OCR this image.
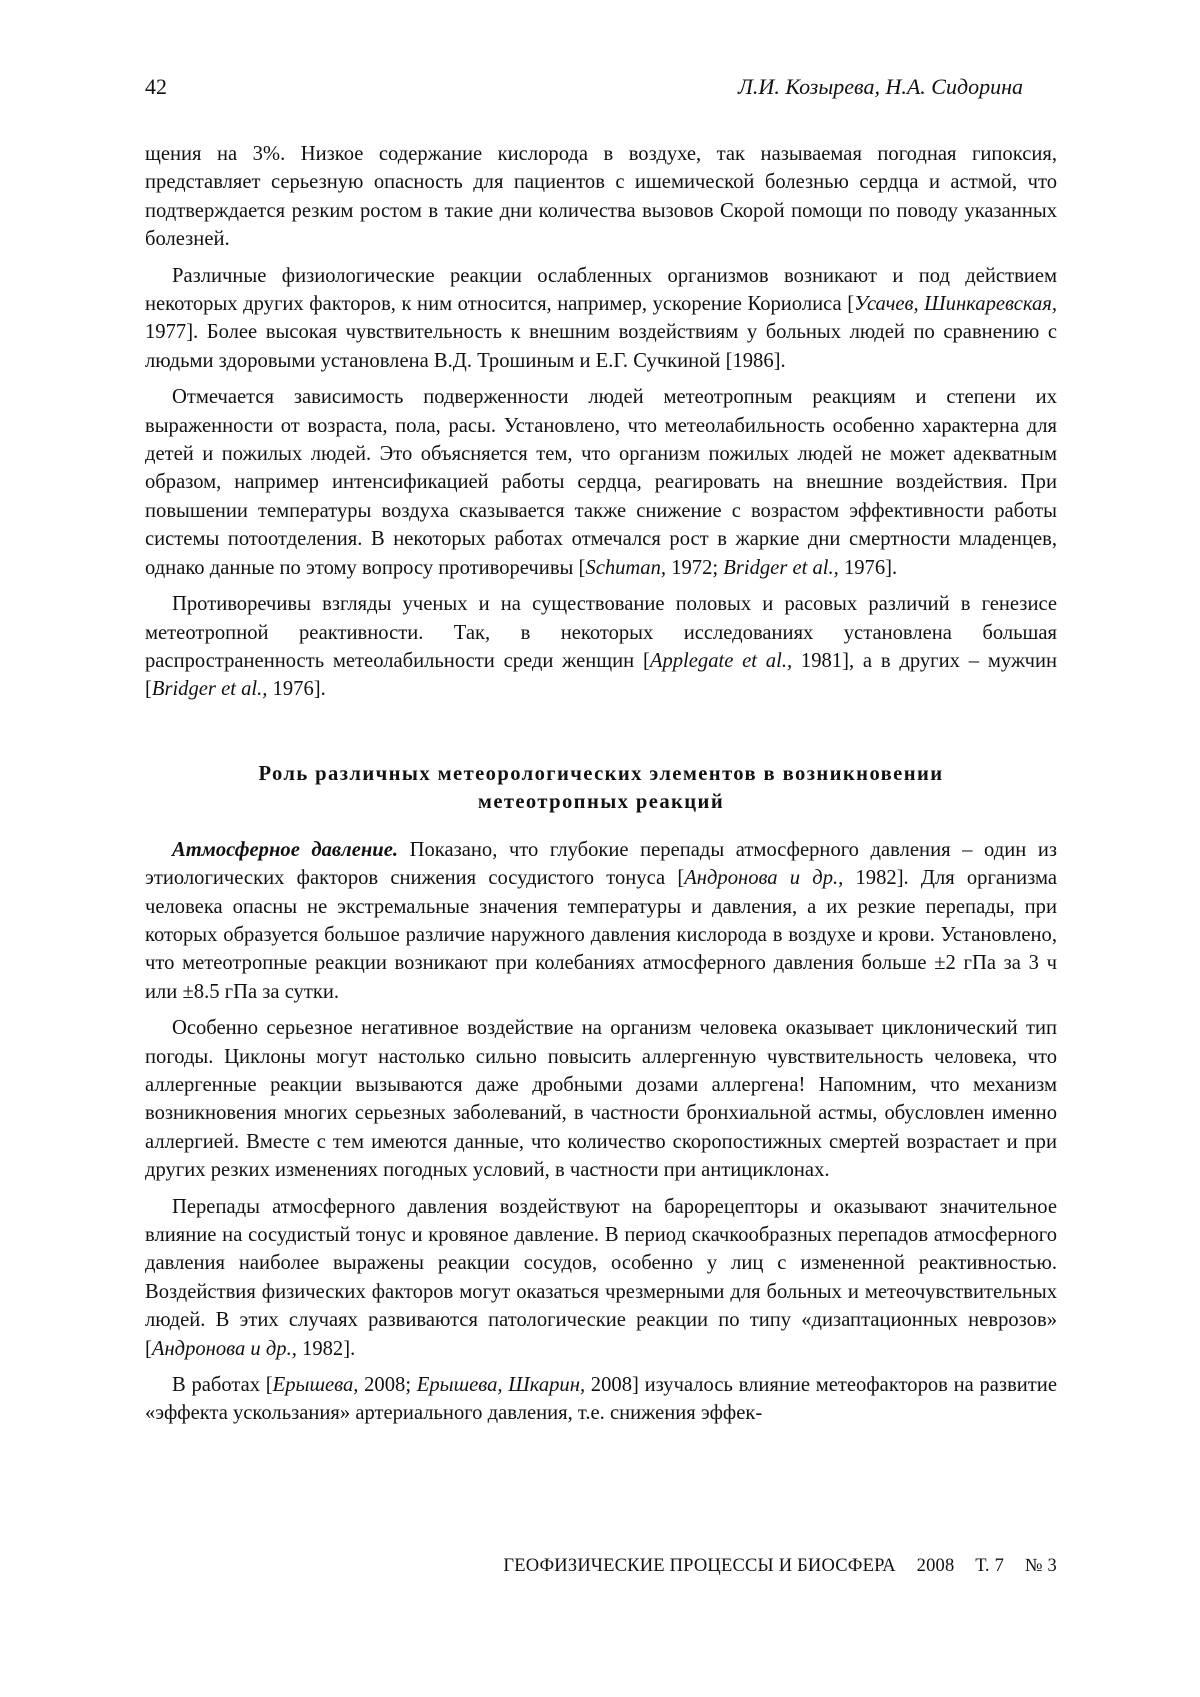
42	Л.И. Козырева, Н.А. Сидорина

щения на 3%. Низкое содержание кислорода в воздухе, так называемая погодная гипоксия, представляет серьезную опасность для пациентов с ишемической болезнью сердца и астмой, что подтверждается резким ростом в такие дни количества вызовов Скорой помощи по поводу указанных болезней.

Различные физиологические реакции ослабленных организмов возникают и под действием некоторых других факторов, к ним относится, например, ускорение Кориолиса [Усачев, Шинкаревская, 1977]. Более высокая чувствительность к внешним воздействиям у больных людей по сравнению с людьми здоровыми установлена В.Д. Трошиным и Е.Г. Сучкиной [1986].

Отмечается зависимость подверженности людей метеотропным реакциям и степени их выраженности от возраста, пола, расы. Установлено, что метеолабильность особенно характерна для детей и пожилых людей. Это объясняется тем, что организм пожилых людей не может адекватным образом, например интенсификацией работы сердца, реагировать на внешние воздействия. При повышении температуры воздуха сказывается также снижение с возрастом эффективности работы системы потоотделения. В некоторых работах отмечался рост в жаркие дни смертности младенцев, однако данные по этому вопросу противоречивы [Schuman, 1972; Bridger et al., 1976].

Противоречивы взгляды ученых и на существование половых и расовых различий в генезисе метеотропной реактивности. Так, в некоторых исследованиях установлена большая распространенность метеолабильности среди женщин [Applegate et al., 1981], а в других – мужчин [Bridger et al., 1976].

Роль различных метеорологических элементов в возникновении
метеотропных реакций

Атмосферное давление. Показано, что глубокие перепады атмосферного давления – один из этиологических факторов снижения сосудистого тонуса [Андронова и др., 1982]. Для организма человека опасны не экстремальные значения температуры и давления, а их резкие перепады, при которых образуется большое различие наружного давления кислорода в воздухе и крови. Установлено, что метеотропные реакции возникают при колебаниях атмосферного давления больше ±2 гПа за 3 ч или ±8.5 гПа за сутки.

Особенно серьезное негативное воздействие на организм человека оказывает циклонический тип погоды. Циклоны могут настолько сильно повысить аллергенную чувствительность человека, что аллергенные реакции вызываются даже дробными дозами аллергена! Напомним, что механизм возникновения многих серьезных заболеваний, в частности бронхиальной астмы, обусловлен именно аллергией. Вместе с тем имеются данные, что количество скоропостижных смертей возрастает и при других резких изменениях погодных условий, в частности при антициклонах.

Перепады атмосферного давления воздействуют на барорецепторы и оказывают значительное влияние на сосудистый тонус и кровяное давление. В период скачкообразных перепадов атмосферного давления наиболее выражены реакции сосудов, особенно у лиц с измененной реактивностью. Воздействия физических факторов могут оказаться чрезмерными для больных и метеочувствительных людей. В этих случаях развиваются патологические реакции по типу «дизаптационных неврозов» [Андронова и др., 1982].

В работах [Ерышева, 2008; Ерышева, Шкарин, 2008] изучалось влияние метеофакторов на развитие «эффекта ускользания» артериального давления, т.е. снижения эффек-

ГЕОФИЗИЧЕСКИЕ ПРОЦЕССЫ И БИОСФЕРА 2008 Т. 7 № 3
